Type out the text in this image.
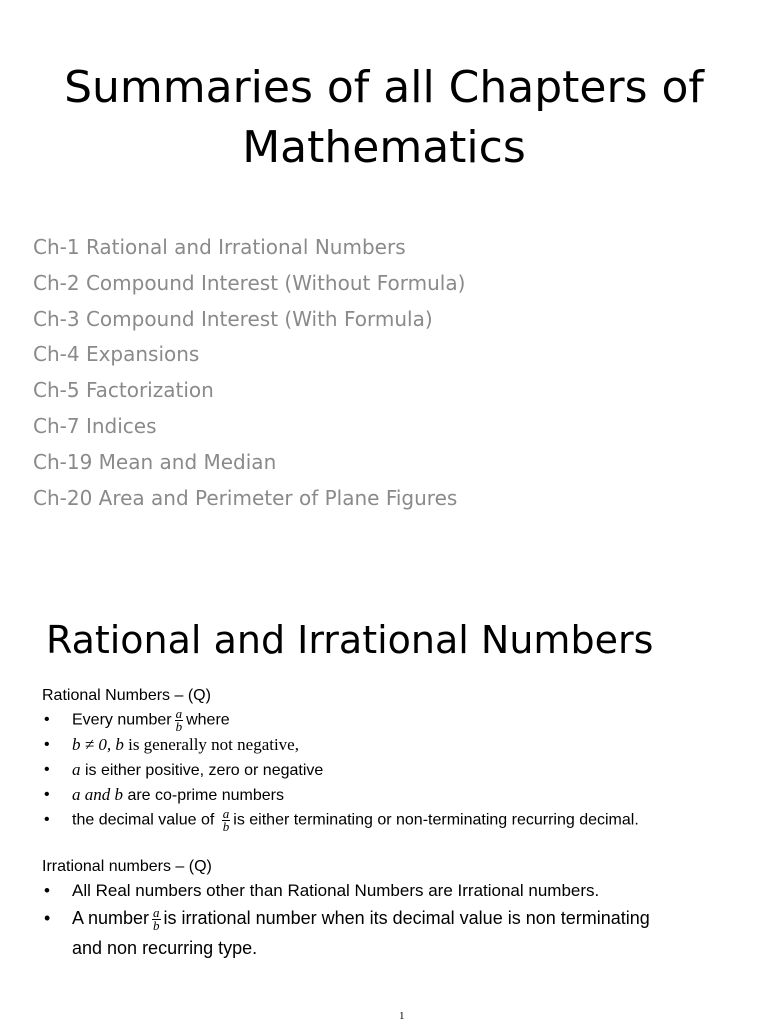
Summaries of all Chapters of Mathematics
Ch-1 Rational and Irrational Numbers
Ch-2 Compound Interest (Without Formula)
Ch-3 Compound Interest (With Formula)
Ch-4 Expansions
Ch-5 Factorization
Ch-7 Indices
Ch-19 Mean and Median
Ch-20 Area and Perimeter of Plane Figures
Rational and Irrational Numbers
Rational Numbers – (Q)
• Every number $\frac{a}{b}$ where
• b ≠ 0, b is generally not negative,
• a is either positive, zero or negative
• a and b are co-prime numbers
• the decimal value of $\frac{a}{b}$ is either terminating or non-terminating recurring decimal.
Irrational numbers – (Q)
• All Real numbers other than Rational Numbers are Irrational numbers.
• A number $\frac{a}{b}$ is irrational number when its decimal value is non terminating and non recurring type.
1
